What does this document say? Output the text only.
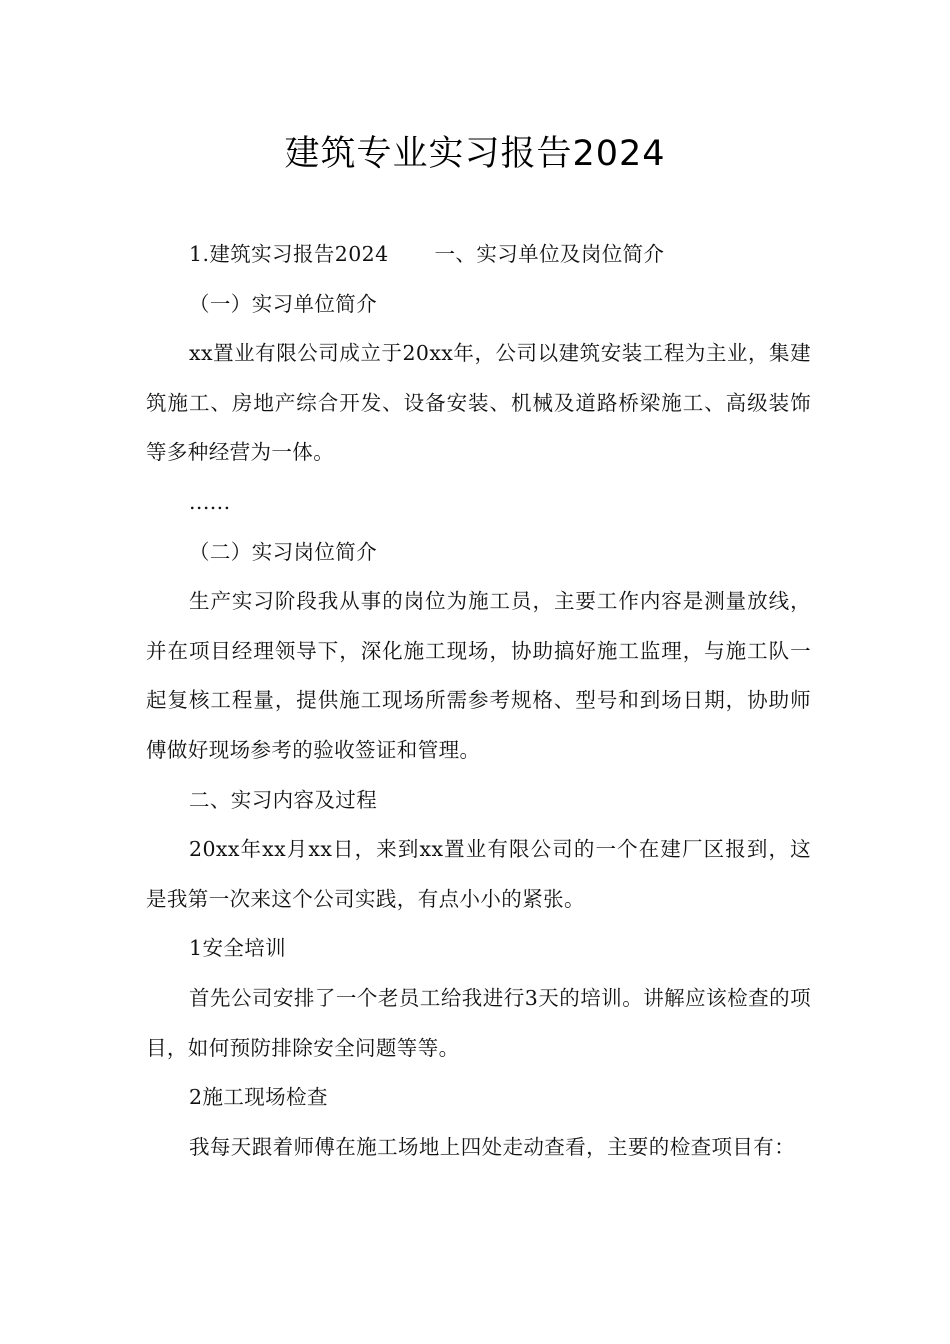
建筑专业实习报告2024

1.建筑实习报告2024 一、实习单位及岗位简介

（一）实习单位简介

xx置业有限公司成立于20xx年，公司以建筑安装工程为主业，集建筑施工、房地产综合开发、设备安装、机械及道路桥梁施工、高级装饰等多种经营为一体。

......

（二）实习岗位简介

生产实习阶段我从事的岗位为施工员，主要工作内容是测量放线，并在项目经理领导下，深化施工现场，协助搞好施工监理，与施工队一起复核工程量，提供施工现场所需参考规格、型号和到场日期，协助师傅做好现场参考的验收签证和管理。

二、实习内容及过程

20xx年xx月xx日，来到xx置业有限公司的一个在建厂区报到，这是我第一次来这个公司实践，有点小小的紧张。

1安全培训

首先公司安排了一个老员工给我进行3天的培训。讲解应该检查的项目，如何预防排除安全问题等等。

2施工现场检查

我每天跟着师傅在施工场地上四处走动查看，主要的检查项目有：
